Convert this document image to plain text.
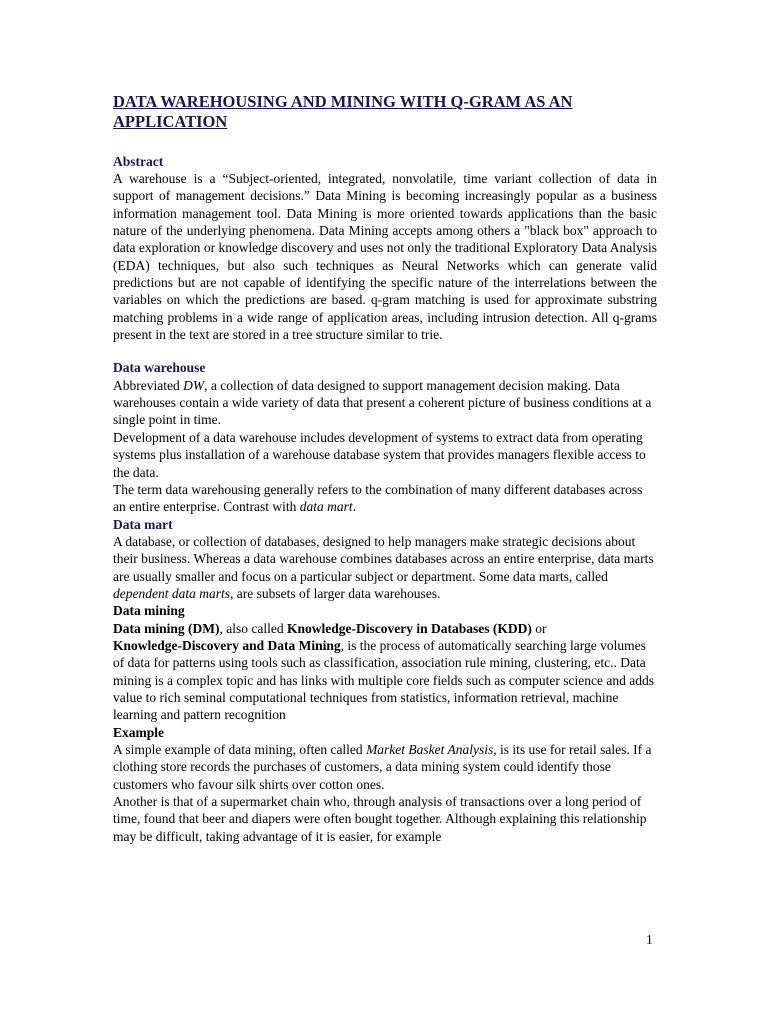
DATA WAREHOUSING AND MINING WITH Q-GRAM AS AN APPLICATION

Abstract

A warehouse is a “Subject-oriented, integrated, nonvolatile, time variant collection of data in support of management decisions.” Data Mining is becoming increasingly popular as a business information management tool. Data Mining is more oriented towards applications than the basic nature of the underlying phenomena. Data Mining accepts among others a "black box" approach to data exploration or knowledge discovery and uses not only the traditional Exploratory Data Analysis (EDA) techniques, but also such techniques as Neural Networks which can generate valid predictions but are not capable of identifying the specific nature of the interrelations between the variables on which the predictions are based. q-gram matching is used for approximate substring matching problems in a wide range of application areas, including intrusion detection. All q-grams present in the text are stored in a tree structure similar to trie.

Data warehouse

Abbreviated DW, a collection of data designed to support management decision making. Data warehouses contain a wide variety of data that present a coherent picture of business conditions at a single point in time.

Development of a data warehouse includes development of systems to extract data from operating systems plus installation of a warehouse database system that provides managers flexible access to the data.

The term data warehousing generally refers to the combination of many different databases across an entire enterprise. Contrast with data mart.

Data mart

A database, or collection of databases, designed to help managers make strategic decisions about their business. Whereas a data warehouse combines databases across an entire enterprise, data marts are usually smaller and focus on a particular subject or department. Some data marts, called dependent data marts, are subsets of larger data warehouses.

Data mining

Data mining (DM), also called Knowledge-Discovery in Databases (KDD) or
Knowledge-Discovery and Data Mining, is the process of automatically searching large volumes of data for patterns using tools such as classification, association rule mining, clustering, etc.. Data mining is a complex topic and has links with multiple core fields such as computer science and adds value to rich seminal computational techniques from statistics, information retrieval, machine learning and pattern recognition

Example

A simple example of data mining, often called Market Basket Analysis, is its use for retail sales. If a clothing store records the purchases of customers, a data mining system could identify those customers who favour silk shirts over cotton ones.

Another is that of a supermarket chain who, through analysis of transactions over a long period of time, found that beer and diapers were often bought together. Although explaining this relationship may be difficult, taking advantage of it is easier, for example

1
